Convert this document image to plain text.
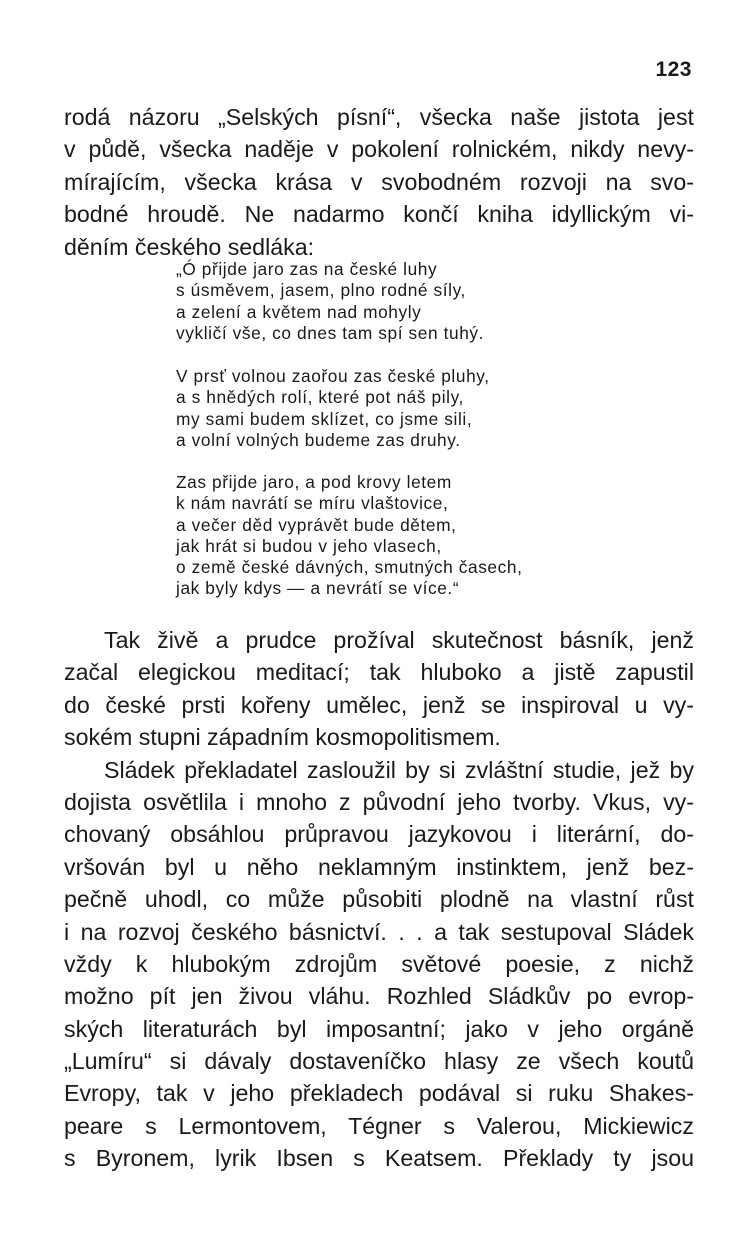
123
rodá názoru „Selských písní“, všecka naše jistota jest
v půdě, všecka naděje v pokolení rolnickém, nikdy nevy-
mírajícím, všecka krása v svobodném rozvoji na svo-
bodné hroudě. Ne nadarmo končí kniha idyllickým vi-
děním českého sedláka:
„Ó přijde jaro zas na české luhy
s úsměvem, jasem, plno rodné síly,
a zelení a květem nad mohyly
vykličí vše, co dnes tam spí sen tuhý.
V prsť volnou zaořou zas české pluhy,
a s hnědých rolí, které pot náš pily,
my sami budem sklízet, co jsme sili,
a volní volných budeme zas druhy.
Zas přijde jaro, a pod krovy letem
k nám navrátí se míru vlaštovice,
a večer děd vyprávět bude dětem,
jak hrát si budou v jeho vlasech,
o země české dávných, smutných časech,
jak byly kdys — a nevrátí se více.“
Tak živě a prudce prožíval skutečnost básník, jenž
začal elegickou meditací; tak hluboko a jistě zapustil
do české prsti kořeny umělec, jenž se inspiroval u vy-
sokém stupni západním kosmopolitismem.
Sládek překladatel zasloužil by si zvláštní studie, jež by
dojista osvětlila i mnoho z původní jeho tvorby. Vkus, vy-
chovaný obsáhlou průpravou jazykovou i literární, do-
vršován byl u něho neklamným instinktem, jenž bez-
pečně uhodl, co může působiti plodně na vlastní růst
i na rozvoj českého básnictví. . . a tak sestupoval Sládek
vždy k hlubokým zdrojům světové poesie, z nichž
možno pít jen živou vláhu. Rozhled Sládkův po evrop-
ských literaturách byl imposantní; jako v jeho orgáně
„Lumíru“ si dávaly dostaveníčko hlasy ze všech koutů
Evropy, tak v jeho překladech podával si ruku Shakes-
peare s Lermontovem, Tégner s Valerou, Mickiewicz
s Byronem, lyrik Ibsen s Keatsem. Překlady ty jsou
